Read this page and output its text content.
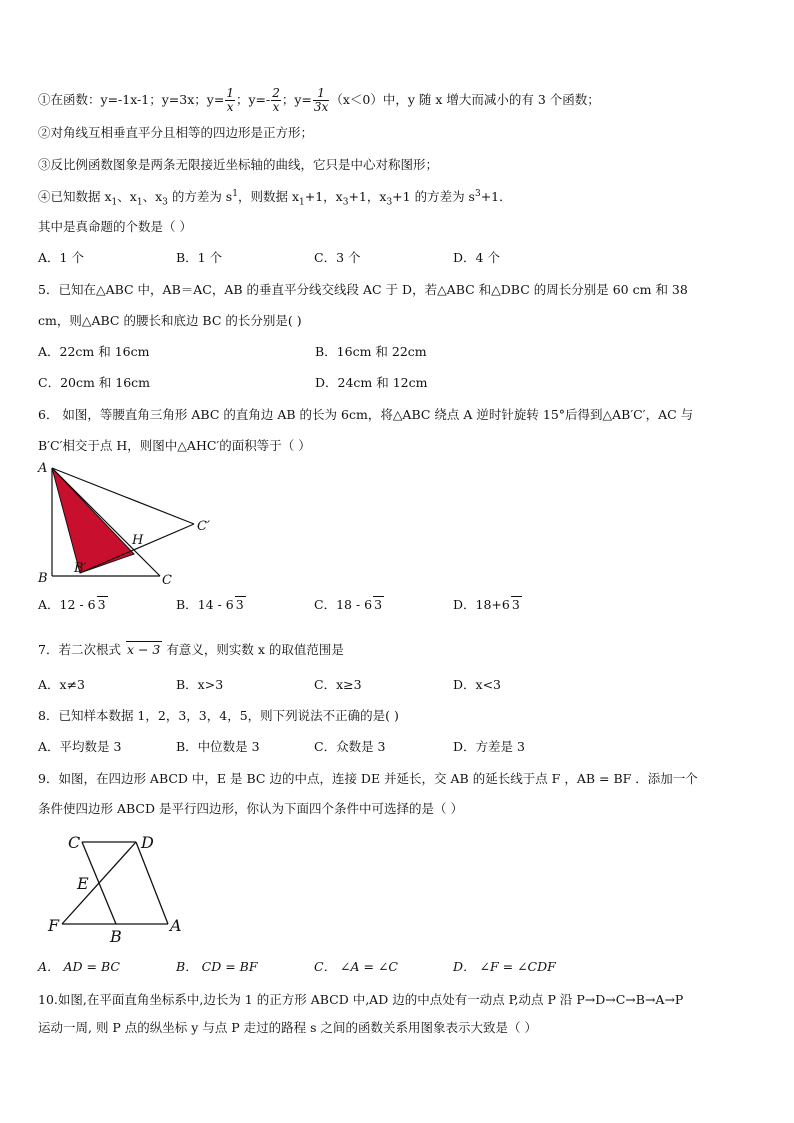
①在函数：y=-1x-1；y=3x；$y= \frac{1}{x}$ ；$y=- \frac{2}{x}$ ；$y= \frac{1}{3x} (x<0)$中，y 随 x 增大而减小的有 3 个函数；
②对角线互相垂直平分且相等的四边形是正方形；
③反比例函数图象是两条无限接近坐标轴的曲线，它只是中心对称图形；
④已知数据 $x_1$、$x_1$、$x_3$ 的方差为 $s^1$，则数据 $x_1+1$，$x_3+1$，$x_3+1$ 的方差为 $s^3+1$．
其中是真命题的个数是（ ）
A．1 个	B．1 个	C．3 个	D．4 个
5．已知在△ABC 中，AB＝AC，AB 的垂直平分线交线段 AC 于 D，若△ABC 和△DBC 的周长分别是 60 cm 和 38
cm，则△ABC 的腰长和底边 BC 的长分别是( )
A．22cm 和 16cm	B．16cm 和 22cm
C．20cm 和 16cm	D．24cm 和 12cm
6． 如图，等腰直角三角形 ABC 的直角边 AB 的长为 6cm，将△ABC 绕点 A 逆时针旋转 15°后得到△AB′C′，AC 与
B′C′相交于点 H，则图中△AHC′的面积等于（ ）
A
B	C
B′
C′
H
A．12 - 6 3	B．14 - 6 3	C．18 - 6 3	D．18+6 3
7．若二次根式 x − 3 有意义，则实数 x 的取值范围是
A．x≠3	B．x>3	C．x≥3	D．x<3
8．已知样本数据 1，2，3，3，4，5，则下列说法不正确的是( )
A．平均数是 3	B．中位数是 3	C．众数是 3	D．方差是 3
9．如图，在四边形 ABCD 中，E 是 BC 边的中点，连接 DE 并延长，交 AB 的延长线于点 F ，AB = BF ．添加一个
条件使四边形 ABCD 是平行四边形，你认为下面四个条件中可选择的是（ ）
C	D
E
F
B
A
A． AD = BC	B． CD = BF	C． ∠A = ∠C	D． ∠F = ∠CDF
10.如图,在平面直角坐标系中,边长为 1 的正方形 ABCD 中,AD 边的中点处有一动点 P,动点 P 沿 P→D→C→B→A→P
运动一周, 则 P 点的纵坐标 y 与点 P 走过的路程 s 之间的函数关系用图象表示大致是（ ）
